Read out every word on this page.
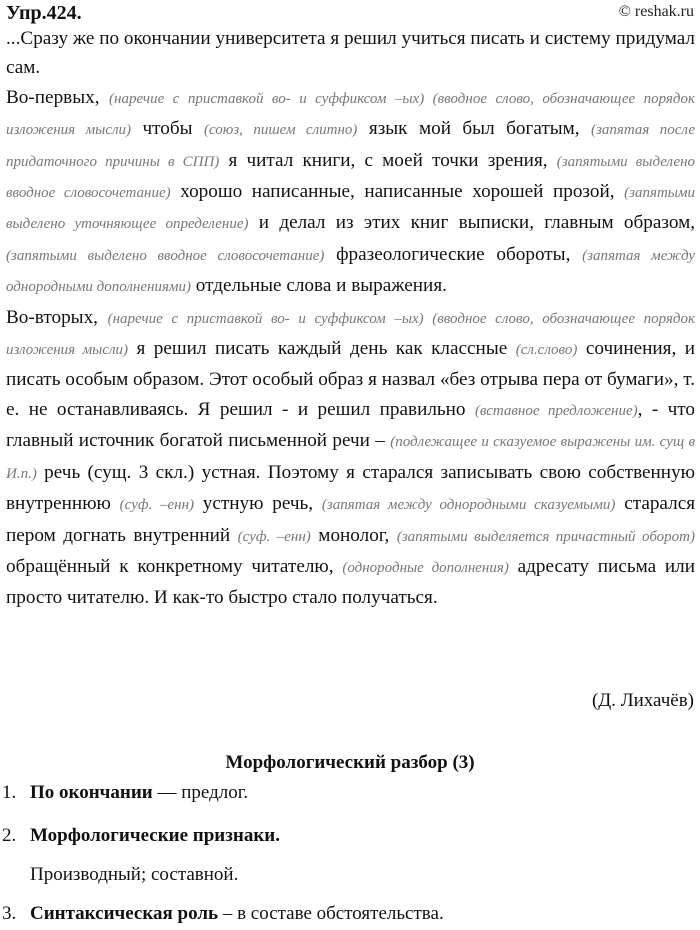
Упр.424.	© reshak.ru

...Сразу же по окончании университета я решил учиться писать и систему придумал сам.

Во-первых, (наречие с приставкой во- и суффиксом –ых) (вводное слово, обозначающее порядок изложения мысли) чтобы (союз, пишем слитно) язык мой был богатым, (запятая после придаточного причины в СПП) я читал книги, с моей точки зрения, (запятыми выделено вводное словосочетание) хорошо написанные, написанные хорошей прозой, (запятыми выделено уточняющее определение) и делал из этих книг выписки, главным образом, (запятыми выделено вводное словосочетание) фразеологические обороты, (запятая между однородными дополнениями) отдельные слова и выражения.

Во-вторых, (наречие с приставкой во- и суффиксом –ых) (вводное слово, обозначающее порядок изложения мысли) я решил писать каждый день как классные (сл.слово) сочинения, и писать особым образом. Этот особый образ я назвал «без отрыва пера от бумаги», т. е. не останавливаясь. Я решил - и решил правильно (вставное предложение), - что главный источник богатой письменной речи – (подлежащее и сказуемое выражены им. сущ в И.п.) речь (сущ. 3 скл.) устная. Поэтому я старался записывать свою собственную внутреннюю (суф. –енн) устную речь, (запятая между однородными сказуемыми) старался пером догнать внутренний (суф. –енн) монолог, (запятыми выделяется причастный оборот) обращённый к конкретному читателю, (однородные дополнения) адресату письма или просто читателю. И как-то быстро стало получаться.

(Д. Лихачёв)
Морфологический разбор (3)
1. По окончании — предлог.
2. Морфологические признаки.
Производный; составной.
3. Синтаксическая роль – в составе обстоятельства.
